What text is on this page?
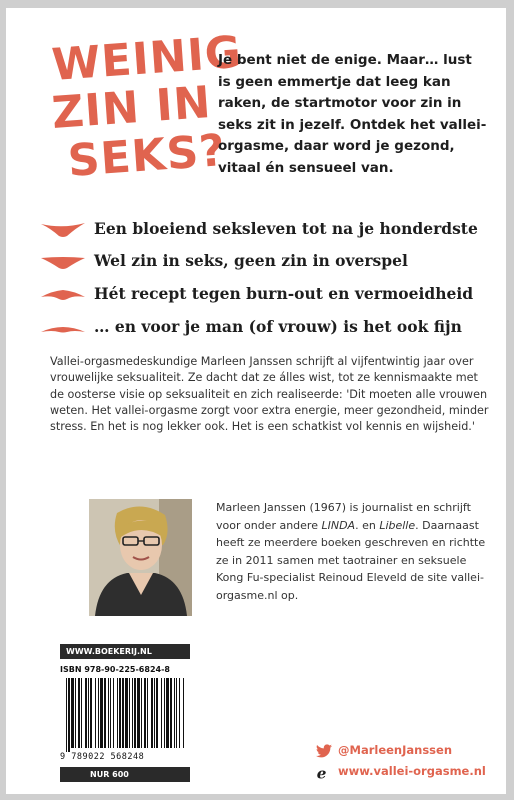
WEINIG
ZIN IN
SEKS?
Je bent niet de enige. Maar… lust is geen emmertje dat leeg kan raken, de startmotor voor zin in seks zit in jezelf. Ontdek het vallei-orgasme, daar word je gezond, vitaal én sensueel van.
Een bloeiend seksleven tot na je honderdste
Wel zin in seks, geen zin in overspel
Hét recept tegen burn-out en vermoeidheid
… en voor je man (of vrouw) is het ook fijn
Vallei-orgasmedeskundige Marleen Janssen schrijft al vijfentwintig jaar over vrouwelijke seksualiteit. Ze dacht dat ze álles wist, tot ze kennismaakte met de oosterse visie op seksualiteit en zich realiseerde: 'Dit moeten alle vrouwen weten. Het vallei-orgasme zorgt voor extra energie, meer gezondheid, minder stress. En het is nog lekker ook. Het is een schatkist vol kennis en wijsheid.'
Marleen Janssen (1967) is journalist en schrijft voor onder andere LINDA. en Libelle. Daarnaast heeft ze meerdere boeken geschreven en richtte ze in 2011 samen met taotrainer en seksuele Kong Fu-specialist Reinoud Eleveld de site vallei-orgasme.nl op.
WWW.BOEKERIJ.NL
ISBN 978-90-225-6824-8
9 789022 568248
NUR 600
@MarleenJanssen
e www.vallei-orgasme.nl
